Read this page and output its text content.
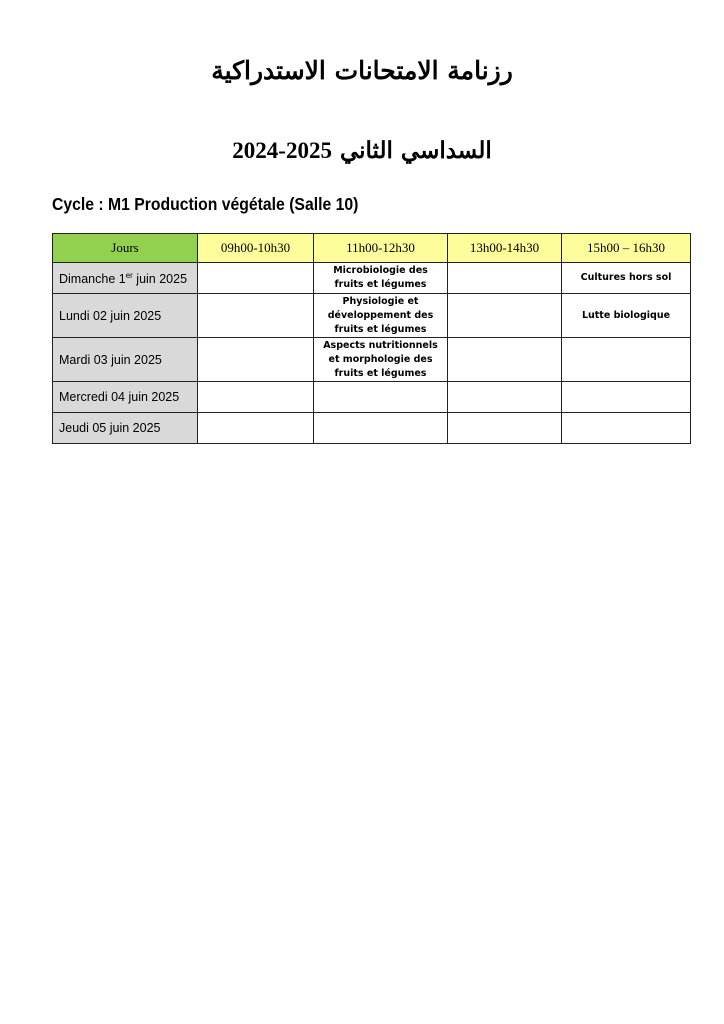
رزنامة الامتحانات الاستدراكية
السداسي الثاني 2024-2025
Cycle : M1 Production végétale (Salle 10)
Jours	09h00-10h30	11h00-12h30	13h00-14h30	15h00 – 16h30
Dimanche 1er juin 2025		Microbiologie des fruits et légumes		Cultures hors sol
Lundi 02 juin 2025		Physiologie et développement des fruits et légumes		Lutte biologique
Mardi 03 juin 2025		Aspects nutritionnels et morphologie des fruits et légumes		
Mercredi 04 juin 2025				
Jeudi 05 juin 2025				
